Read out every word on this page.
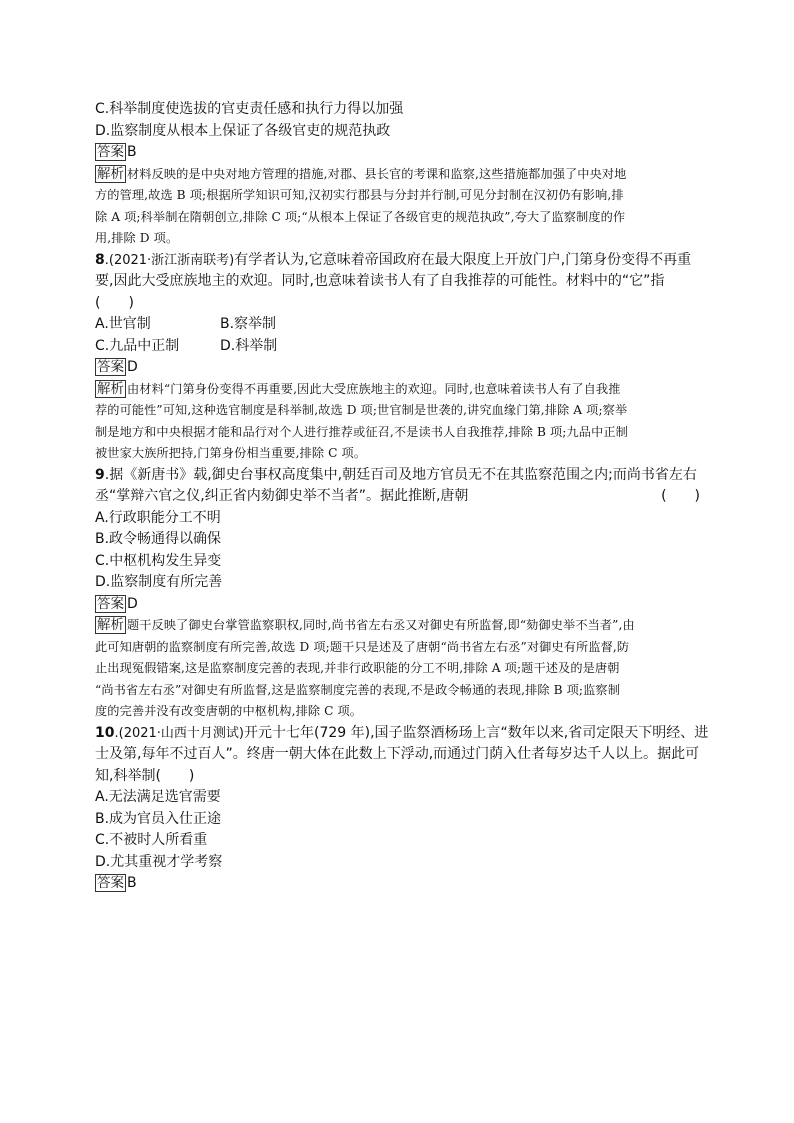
C.科举制度使选拔的官吏责任感和执行力得以加强
D.监察制度从根本上保证了各级官吏的规范执政
答案 B
解析 材料反映的是中央对地方管理的措施,对郡、县长官的考课和监察,这些措施都加强了中央对地
方的管理,故选 B 项;根据所学知识可知,汉初实行郡县与分封并行制,可见分封制在汉初仍有影响,排
除 A 项;科举制在隋朝创立,排除 C 项;“从根本上保证了各级官吏的规范执政”,夸大了监察制度的作
用,排除 D 项。
8.(2021·浙江浙南联考)有学者认为,它意味着帝国政府在最大限度上开放门户,门第身份变得不再重
要,因此大受庶族地主的欢迎。同时,也意味着读书人有了自我推荐的可能性。材料中的“它”指
(　　)
A.世官制	B.察举制
C.九品中正制	D.科举制
答案 D
解析 由材料“门第身份变得不再重要,因此大受庶族地主的欢迎。同时,也意味着读书人有了自我推
荐的可能性”可知,这种选官制度是科举制,故选 D 项;世官制是世袭的,讲究血缘门第,排除 A 项;察举
制是地方和中央根据才能和品行对个人进行推荐或征召,不是读书人自我推荐,排除 B 项;九品中正制
被世家大族所把持,门第身份相当重要,排除 C 项。
9.据《新唐书》载,御史台事权高度集中,朝廷百司及地方官员无不在其监察范围之内;而尚书省左右
丞“掌辩六官之仪,纠正省内劾御史举不当者”。据此推断,唐朝	(　　)
A.行政职能分工不明
B.政令畅通得以确保
C.中枢机构发生异变
D.监察制度有所完善
答案 D
解析 题干反映了御史台掌管监察职权,同时,尚书省左右丞又对御史有所监督,即“劾御史举不当者”,由
此可知唐朝的监察制度有所完善,故选 D 项;题干只是述及了唐朝“尚书省左右丞”对御史有所监督,防
止出现冤假错案,这是监察制度完善的表现,并非行政职能的分工不明,排除 A 项;题干述及的是唐朝
“尚书省左右丞”对御史有所监督,这是监察制度完善的表现,不是政令畅通的表现,排除 B 项;监察制
度的完善并没有改变唐朝的中枢机构,排除 C 项。
10.(2021·山西十月测试)开元十七年(729 年),国子监祭酒杨玚上言“数年以来,省司定限天下明经、进
士及第,每年不过百人”。终唐一朝大体在此数上下浮动,而通过门荫入仕者每岁达千人以上。据此可
知,科举制(　　)
A.无法满足选官需要
B.成为官员入仕正途
C.不被时人所看重
D.尤其重视才学考察
答案 B
